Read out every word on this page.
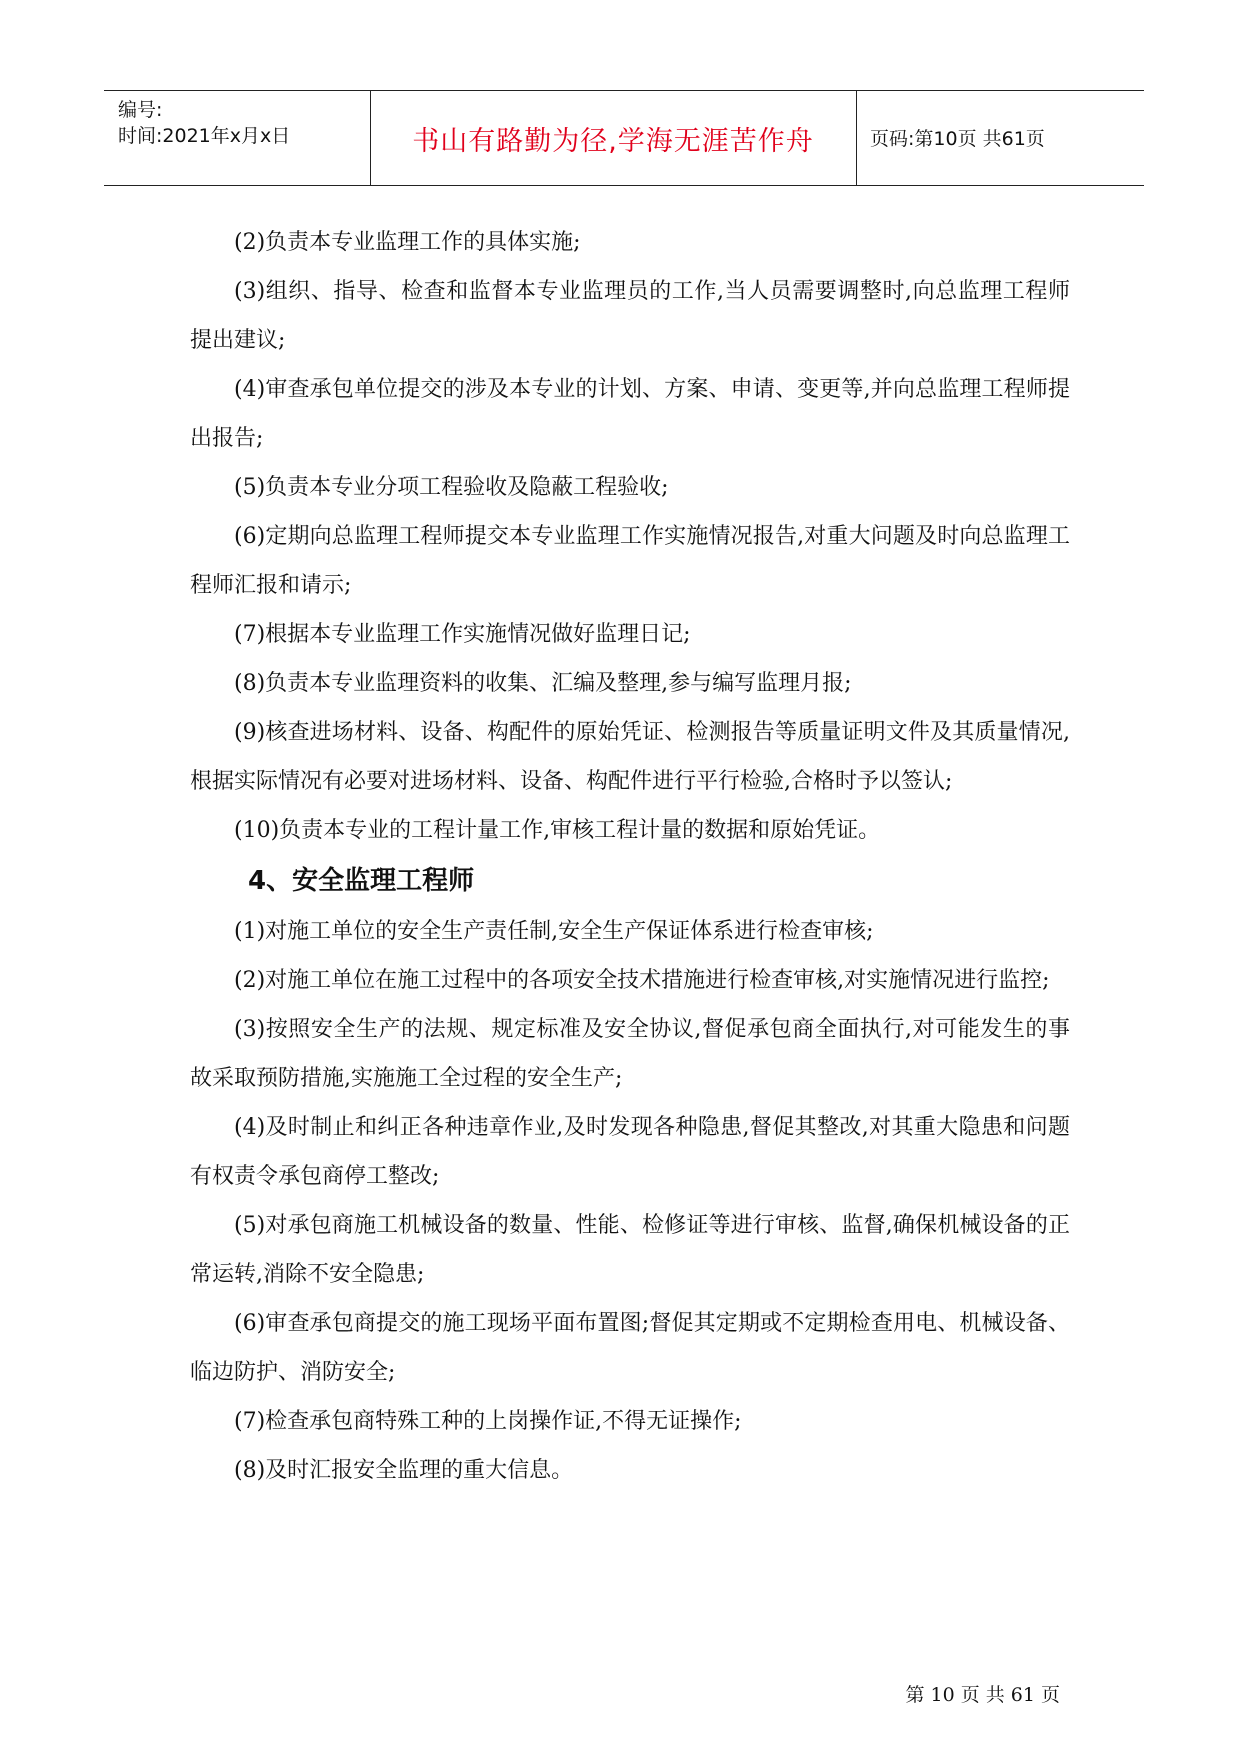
编号:
时间:2021年x月x日	书山有路勤为径,学海无涯苦作舟	页码:第10页 共61页

(2)负责本专业监理工作的具体实施;

(3)组织、指导、检查和监督本专业监理员的工作,当人员需要调整时,向总监理工程师提出建议;

(4)审查承包单位提交的涉及本专业的计划、方案、申请、变更等,并向总监理工程师提出报告;

(5)负责本专业分项工程验收及隐蔽工程验收;

(6)定期向总监理工程师提交本专业监理工作实施情况报告,对重大问题及时向总监理工程师汇报和请示;

(7)根据本专业监理工作实施情况做好监理日记;

(8)负责本专业监理资料的收集、汇编及整理,参与编写监理月报;

(9)核查进场材料、设备、构配件的原始凭证、检测报告等质量证明文件及其质量情况,根据实际情况有必要对进场材料、设备、构配件进行平行检验,合格时予以签认;

(10)负责本专业的工程计量工作,审核工程计量的数据和原始凭证。

4、安全监理工程师

(1)对施工单位的安全生产责任制,安全生产保证体系进行检查审核;

(2)对施工单位在施工过程中的各项安全技术措施进行检查审核,对实施情况进行监控;

(3)按照安全生产的法规、规定标准及安全协议,督促承包商全面执行,对可能发生的事故采取预防措施,实施施工全过程的安全生产;

(4)及时制止和纠正各种违章作业,及时发现各种隐患,督促其整改,对其重大隐患和问题有权责令承包商停工整改;

(5)对承包商施工机械设备的数量、性能、检修证等进行审核、监督,确保机械设备的正常运转,消除不安全隐患;

(6)审查承包商提交的施工现场平面布置图;督促其定期或不定期检查用电、机械设备、临边防护、消防安全;

(7)检查承包商特殊工种的上岗操作证,不得无证操作;

(8)及时汇报安全监理的重大信息。

第 10 页 共 61 页
